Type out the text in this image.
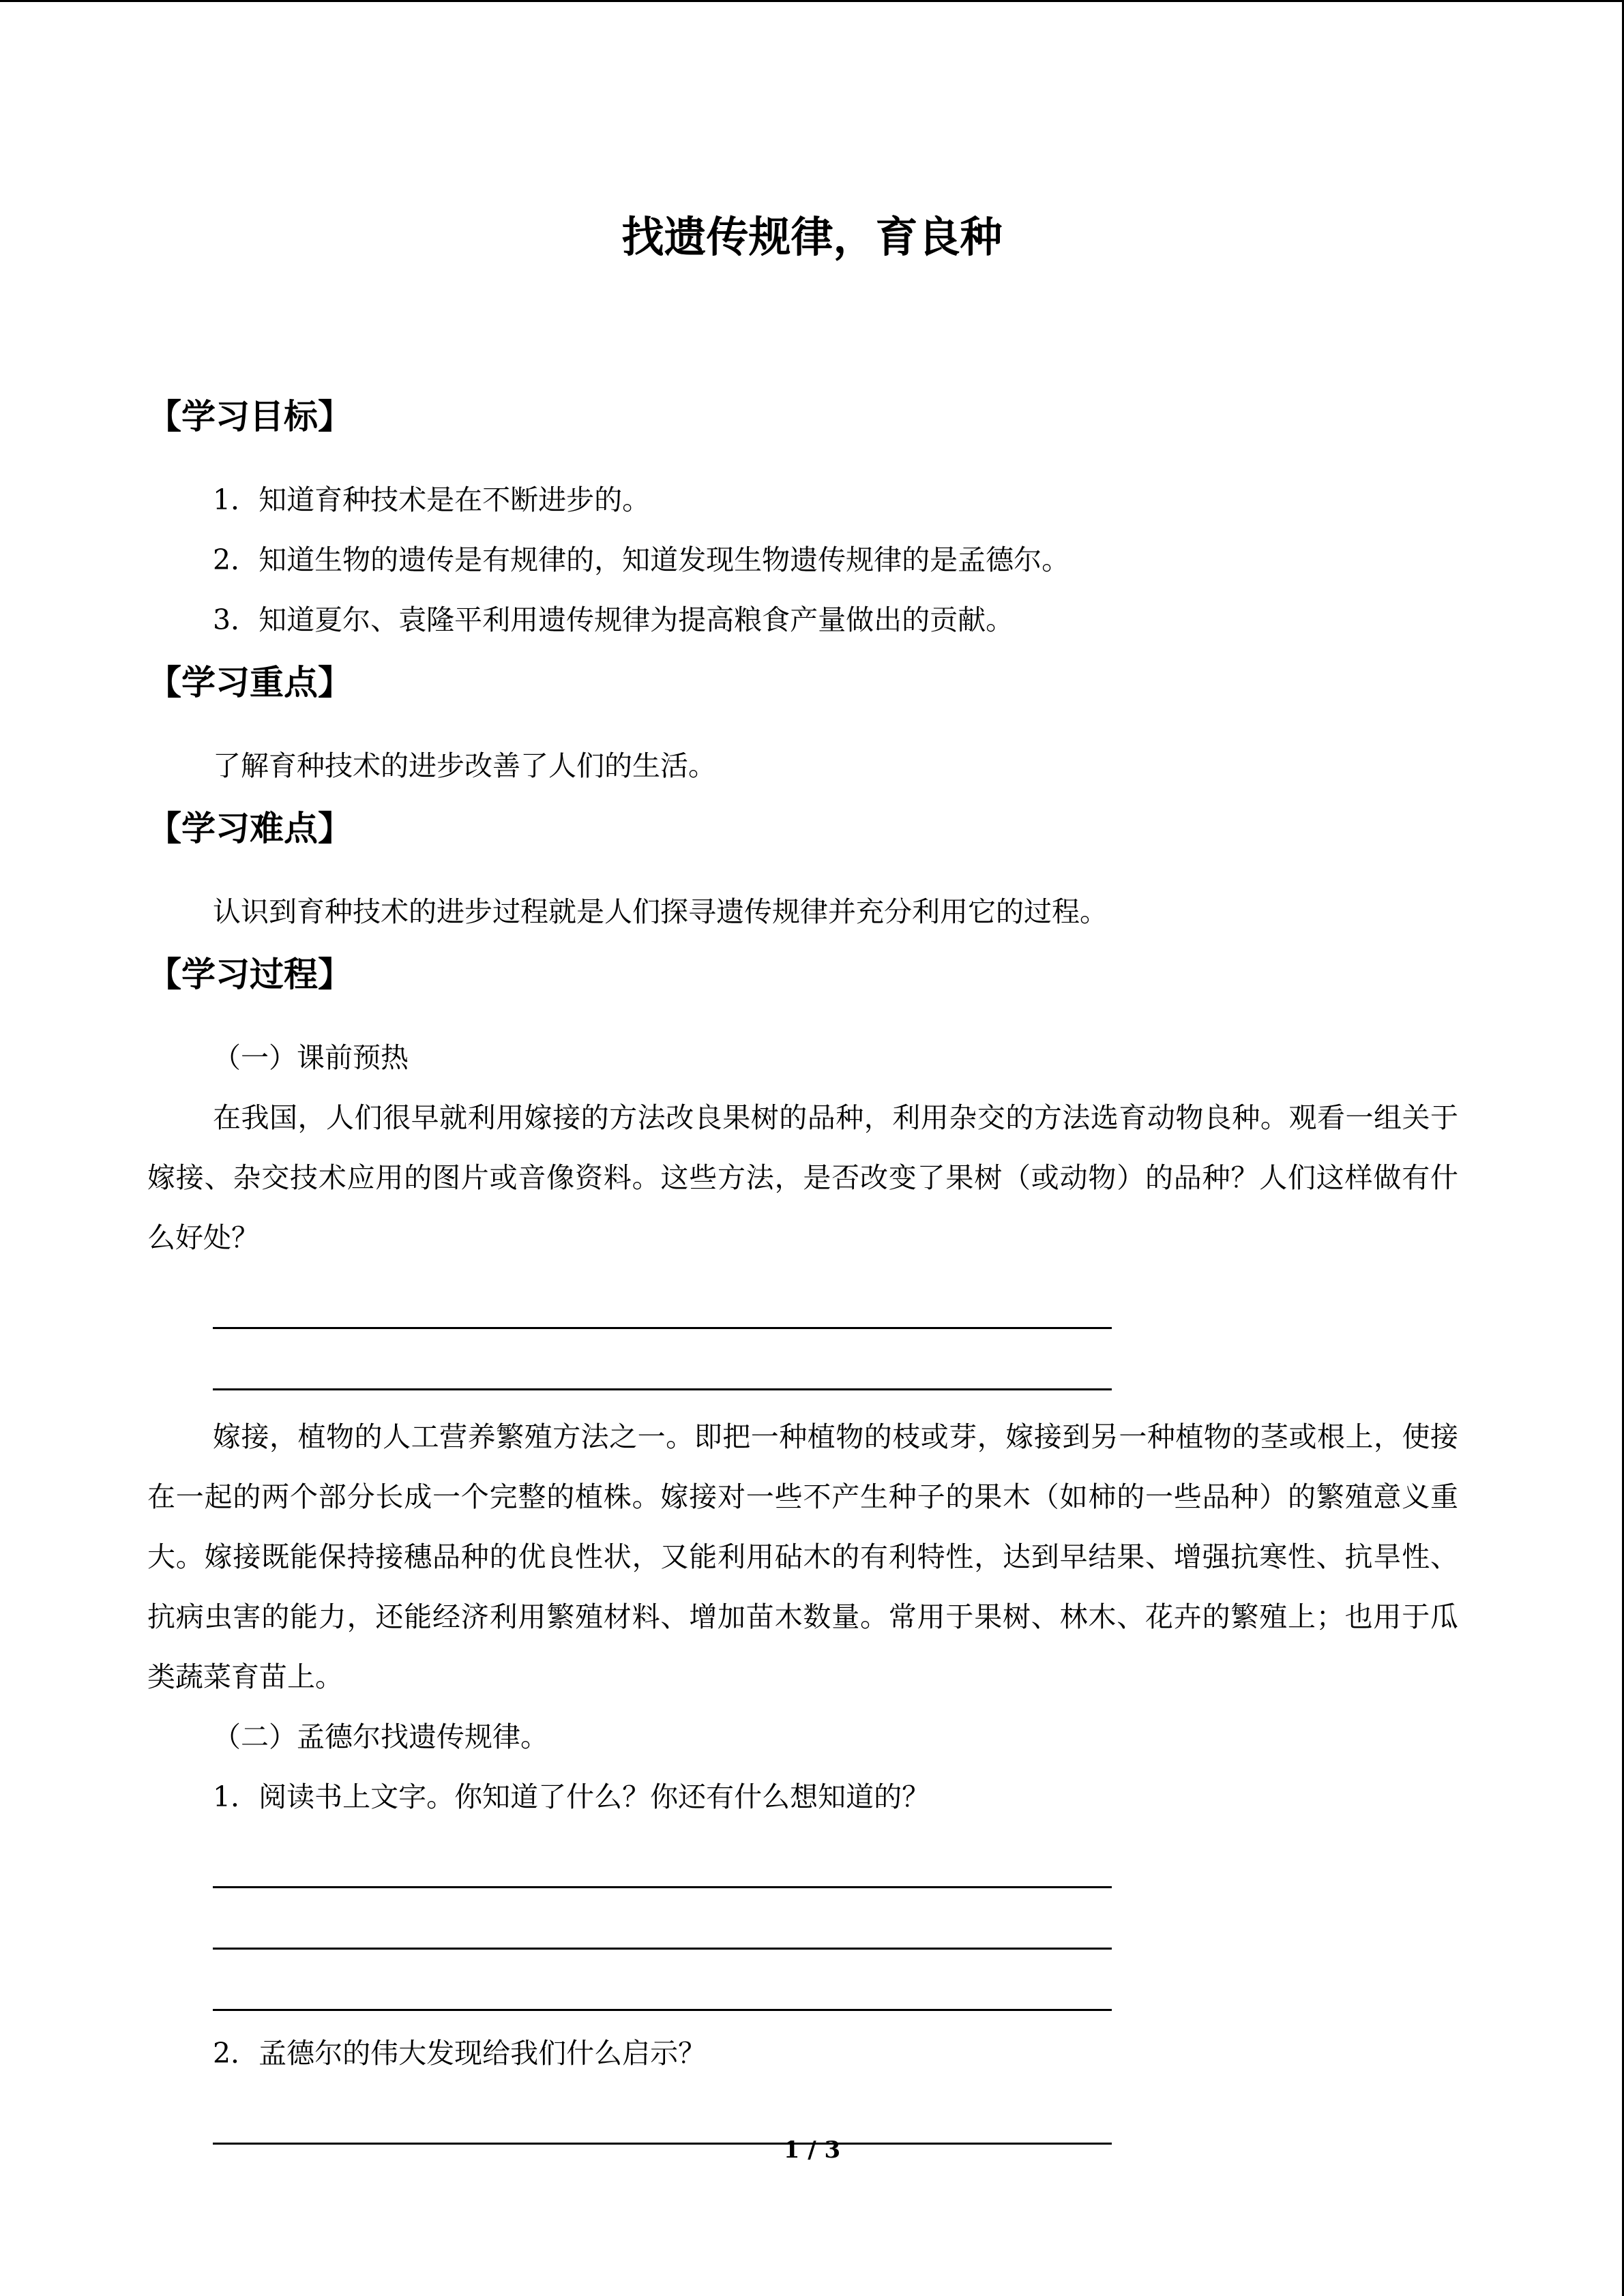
找遗传规律，育良种
【学习目标】
1．知道育种技术是在不断进步的。
2．知道生物的遗传是有规律的，知道发现生物遗传规律的是孟德尔。
3．知道夏尔、袁隆平利用遗传规律为提高粮食产量做出的贡献。
【学习重点】

了解育种技术的进步改善了人们的生活。

【学习难点】

认识到育种技术的进步过程就是人们探寻遗传规律并充分利用它的过程。

【学习过程】
（一）课前预热

在我国，人们很早就利用嫁接的方法改良果树的品种，利用杂交的方法选育动物良种。观看一组关于嫁接、杂交技术应用的图片或音像资料。这些方法，是否改变了果树（或动物）的品种？人们这样做有什么好处？

嫁接，植物的人工营养繁殖方法之一。即把一种植物的枝或芽，嫁接到另一种植物的茎或根上，使接在一起的两个部分长成一个完整的植株。嫁接对一些不产生种子的果木（如柿的一些品种）的繁殖意义重大。嫁接既能保持接穗品种的优良性状，又能利用砧木的有利特性，达到早结果、增强抗寒性、抗旱性、抗病虫害的能力，还能经济利用繁殖材料、增加苗木数量。常用于果树、林木、花卉的繁殖上；也用于瓜类蔬菜育苗上。

（二）孟德尔找遗传规律。
1．阅读书上文字。你知道了什么？你还有什么想知道的？
2．孟德尔的伟大发现给我们什么启示？
1 / 3
